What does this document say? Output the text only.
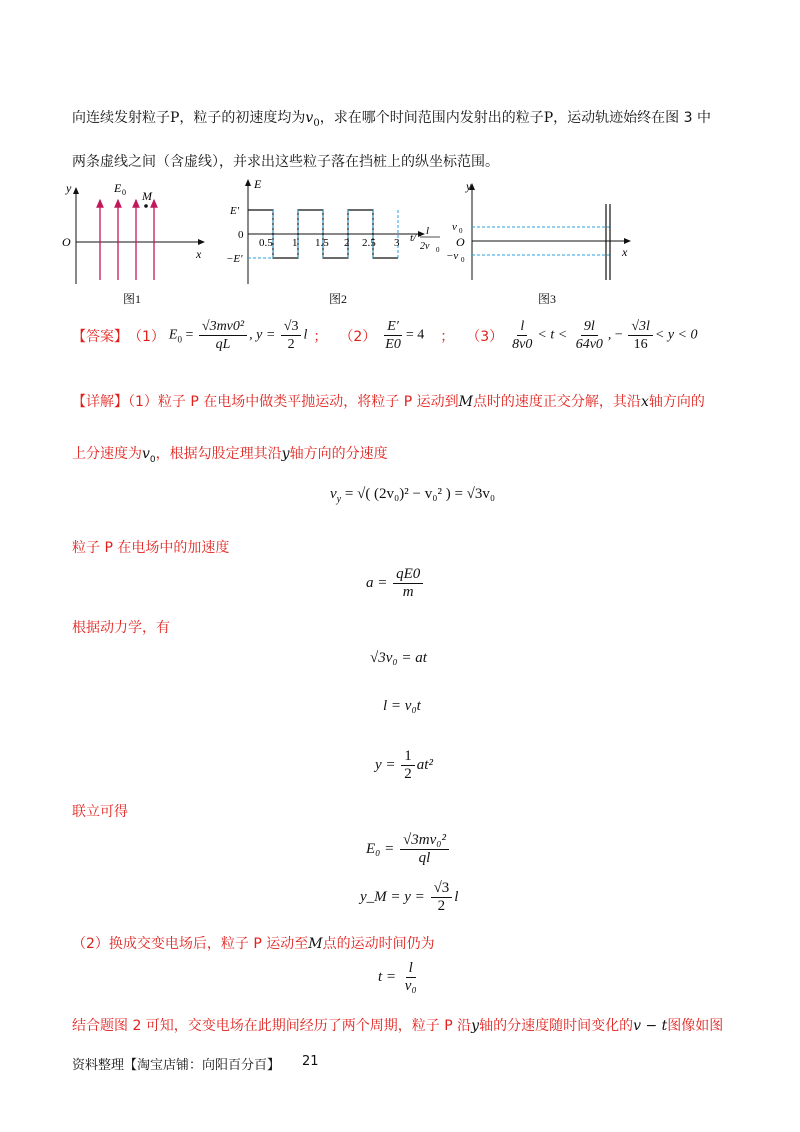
向连续发射粒子P，粒子的初速度均为$v_0$，求在哪个时间范围内发射出的粒子P，运动轨迹始终在图 3 中
两条虚线之间（含虚线），并求出这些粒子落在挡桩上的纵坐标范围。
y
x
O
E 0 M
图1
E
E'
0
−E'
0.5 1 1.5 2 2.5 3 t/
l
2v 0
图2
y
x
O
v 0
−v 0
图3
【答案】 （1） $E_0 = \frac{\text{√3mv0²}}{qL}$ , $y = \frac{√3}{2}$ l ； $(2) \frac{E'}{E0} = 4$ ； $(3) \frac{l}{8v0} < t < \frac{9l}{64v0}$ , − $\frac{√3l}{16} < y < 0$
【详解】（1）粒子 P 在电场中做类平抛运动，将粒子 P 运动到M点时的速度正交分解，其沿x轴方向的
上分速度为$v_0$，根据勾股定理其沿y轴方向的分速度
$v_y$ = √( (2v₀)² − v₀² ) = √3v₀
粒子 P 在电场中的加速度
$a = \frac{qE0}{m}$
根据动力学，有
√3v₀ = at
l = v₀t
$y = \frac{1}{2} at^2$
联立可得
$E_0 = \frac{\text{√3mv₀²}}{ql}$
y_M = $y = \frac{√3}{2}$ l
（2）换成交变电场后，粒子 P 运动至M点的运动时间仍为
$t = \frac{l}{\text{v₀}}$
结合题图 2 可知，交变电场在此期间经历了两个周期，粒子 P 沿y轴的分速度随时间变化的v − t图像如图
资料整理【淘宝店铺：向阳百分百】 21
